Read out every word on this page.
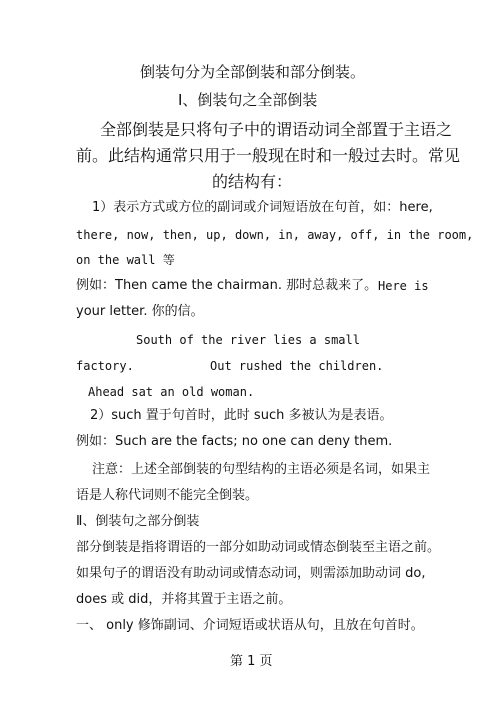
倒装句分为全部倒装和部分倒装。
Ⅰ、倒装句之全部倒装
全部倒装是只将句子中的谓语动词全部置于主语之
前。此结构通常只用于一般现在时和一般过去时。常见
的结构有：
1）表示方式或方位的副词或介词短语放在句首，如：here,
there, now, then, up, down, in, away, off, in the room,
on the wall 等
例如：Then came the chairman. 那时总裁来了。 Here is
your letter. 你的信。
South of the river lies a small
factory.	Out rushed the children.
Ahead sat an old woman.
2）such 置于句首时，此时 such 多被认为是表语。
例如：Such are the facts; no one can deny them.
注意：上述全部倒装的句型结构的主语必须是名词，如果主
语是人称代词则不能完全倒装。
Ⅱ、倒装句之部分倒装
部分倒装是指将谓语的一部分如助动词或情态倒装至主语之前。
如果句子的谓语没有助动词或情态动词，则需添加助动词 do,
does 或 did，并将其置于主语之前。
一、 only 修饰副词、介词短语或状语从句，且放在句首时。
第 1 页
